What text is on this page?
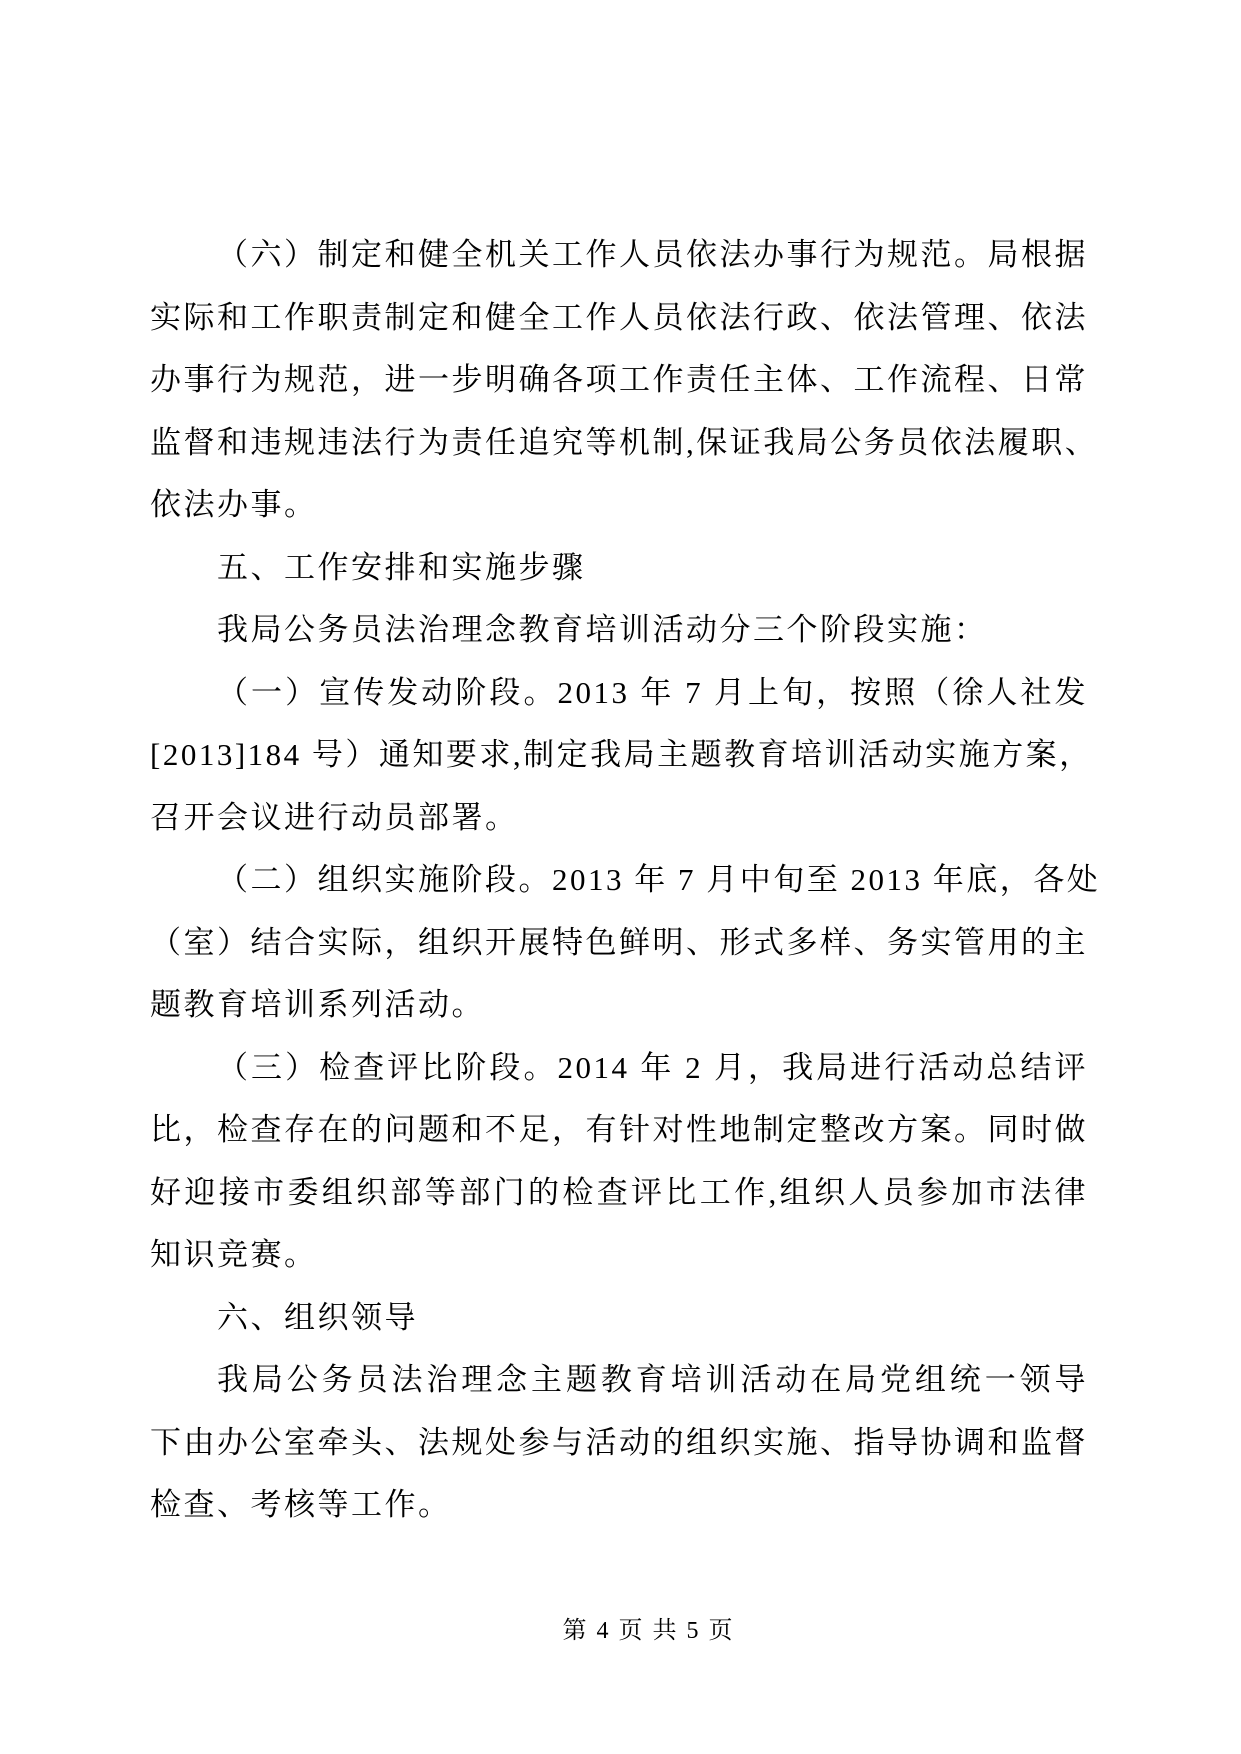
（六）制定和健全机关工作人员依法办事行为规范。局根据
实际和工作职责制定和健全工作人员依法行政、依法管理、依法
办事行为规范，进一步明确各项工作责任主体、工作流程、日常
监督和违规违法行为责任追究等机制,保证我局公务员依法履职、
依法办事。
五、工作安排和实施步骤
我局公务员法治理念教育培训活动分三个阶段实施：
（一）宣传发动阶段。2013 年 7 月上旬，按照（徐人社发
[2013]184 号）通知要求,制定我局主题教育培训活动实施方案，
召开会议进行动员部署。
（二）组织实施阶段。2013 年 7 月中旬至 2013 年底，各处
（室）结合实际，组织开展特色鲜明、形式多样、务实管用的主
题教育培训系列活动。
（三）检查评比阶段。2014 年 2 月，我局进行活动总结评
比，检查存在的问题和不足，有针对性地制定整改方案。同时做
好迎接市委组织部等部门的检查评比工作,组织人员参加市法律
知识竞赛。
六、组织领导
我局公务员法治理念主题教育培训活动在局党组统一领导
下由办公室牵头、法规处参与活动的组织实施、指导协调和监督
检查、考核等工作。
第 4 页 共 5 页
